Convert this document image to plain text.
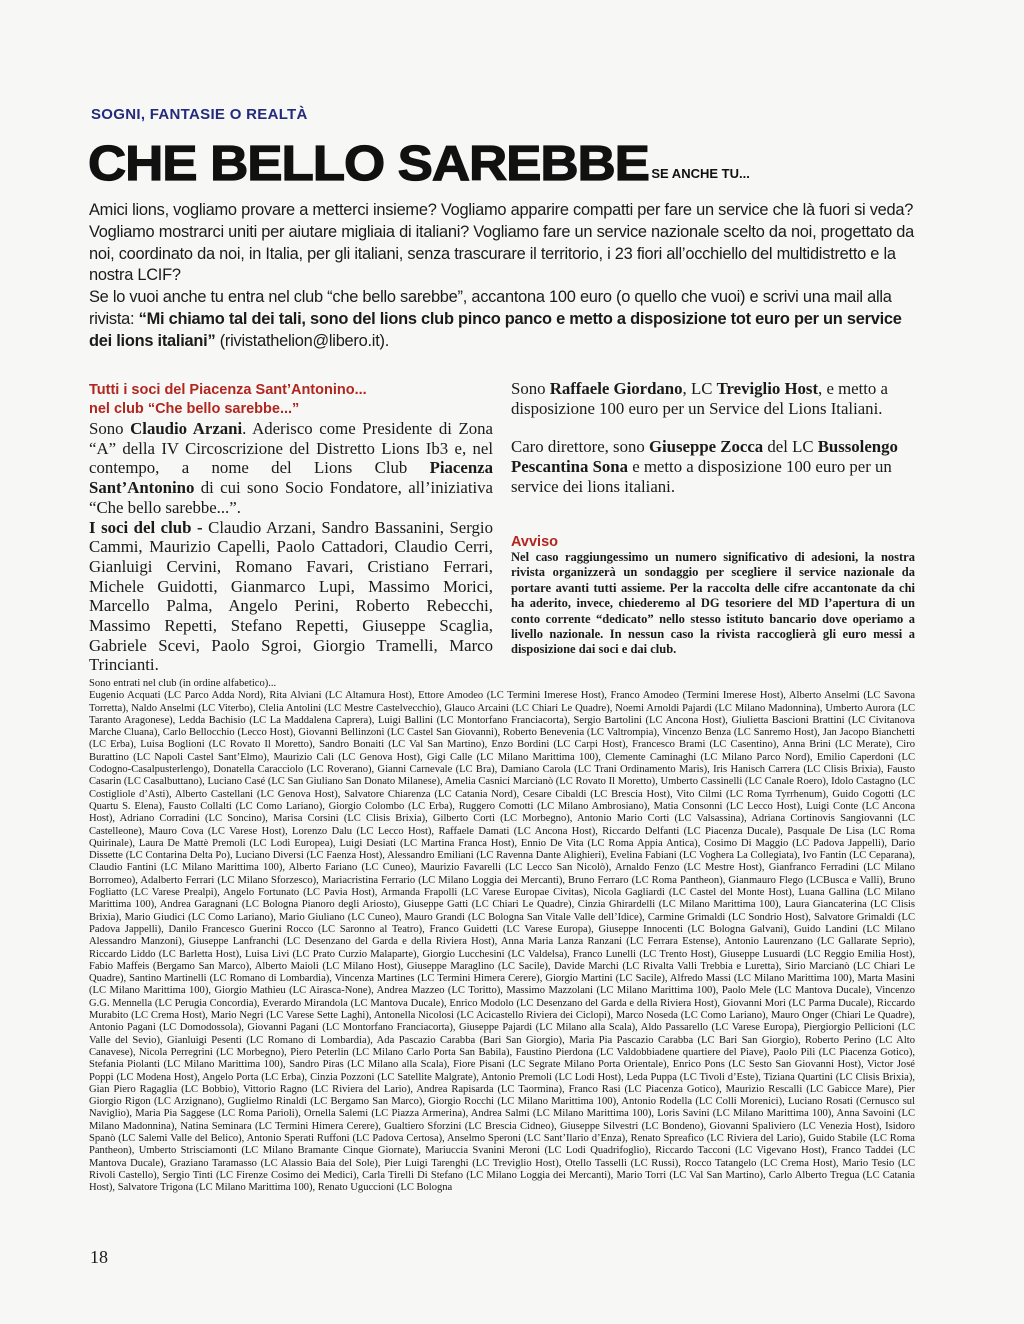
SOGNI, FANTASIE O REALTÀ
CHE BELLO SAREBBE SE ANCHE TU...

Amici lions, vogliamo provare a metterci insieme? Vogliamo apparire compatti per fare un service che là fuori si veda? Vogliamo mostrarci uniti per aiutare migliaia di italiani? Vogliamo fare un service nazionale scelto da noi, progettato da noi, coordinato da noi, in Italia, per gli italiani, senza trascurare il territorio, i 23 fiori all’occhiello del multidistretto e la nostra LCIF?

Se lo vuoi anche tu entra nel club “che bello sarebbe”, accantona 100 euro (o quello che vuoi) e scrivi una mail alla rivista: “Mi chiamo tal dei tali, sono del lions club pinco panco e metto a disposizione tot euro per un service dei lions italiani” (rivistathelion@libero.it).

Tutti i soci del Piacenza Sant’Antonino...
nel club “Che bello sarebbe...”
Sono Claudio Arzani. Aderisco come Presidente di Zona “A” della IV Circoscrizione del Distretto Lions Ib3 e, nel contempo, a nome del Lions Club Piacenza Sant’Antonino di cui sono Socio Fondatore, all’iniziativa “Che bello sarebbe...”.
I soci del club - Claudio Arzani, Sandro Bassanini, Sergio Cammi, Maurizio Capelli, Paolo Cattadori, Claudio Cerri, Gianluigi Cervini, Romano Favari, Cristiano Ferrari, Michele Guidotti, Gianmarco Lupi, Massimo Morici, Marcello Palma, Angelo Perini, Roberto Rebecchi, Massimo Repetti, Stefano Repetti, Giuseppe Scaglia, Gabriele Scevi, Paolo Sgroi, Giorgio Tramelli, Marco Trincianti.

Sono Raffaele Giordano, LC Treviglio Host, e metto a disposizione 100 euro per un Service del Lions Italiani.

Caro direttore, sono Giuseppe Zocca del LC Bussolengo Pescantina Sona e metto a disposizione 100 euro per un service dei lions italiani.

Avviso
Nel caso raggiungessimo un numero significativo di adesioni, la nostra rivista organizzerà un sondaggio per scegliere il service nazionale da portare avanti tutti assieme. Per la raccolta delle cifre accantonate da chi ha aderito, invece, chiederemo al DG tesoriere del MD l’apertura di un conto corrente “dedicato” nello stesso istituto bancario dove operiamo a livello nazionale. In nessun caso la rivista raccoglierà gli euro messi a disposizione dai soci e dai club.
Sono entrati nel club (in ordine alfabetico)...
Eugenio Acquati (LC Parco Adda Nord), Rita Alviani (LC Altamura Host), Ettore Amodeo (LC Termini Imerese Host), Franco Amodeo (Termini Imerese Host), Alberto Anselmi (LC Savona Torretta), Naldo Anselmi (LC Viterbo), Clelia Antolini (LC Mestre Castelvecchio), Glauco Arcaini (LC Chiari Le Quadre), Noemi Arnoldi Pajardi (LC Milano Madonnina), Umberto Aurora (LC Taranto Aragonese), Ledda Bachisio (LC La Maddalena Caprera), Luigi Ballini (LC Montorfano Franciacorta), Sergio Bartolini (LC Ancona Host), Giulietta Bascioni Brattini (LC Civitanova Marche Cluana), Carlo Bellocchio (Lecco Host), Giovanni Bellinzoni (LC Castel San Giovanni), Roberto Benevenia (LC Valtrompia), Vincenzo Benza (LC Sanremo Host), Jan Jacopo Bianchetti (LC Erba), Luisa Boglioni (LC Rovato Il Moretto), Sandro Bonaiti (LC Val San Martino), Enzo Bordini (LC Carpi Host), Francesco Brami (LC Casentino), Anna Brini (LC Merate), Ciro Burattino (LC Napoli Castel Sant’Elmo), Maurizio Calì (LC Genova Host), Gigi Calle (LC Milano Marittima 100), Clemente Caminaghi (LC Milano Parco Nord), Emilio Caperdoni (LC Codogno-Casalpusterlengo), Donatella Caracciolo (LC Roverano), Gianni Carnevale (LC Bra), Damiano Carola (LC Trani Ordinamento Maris), Iris Hanisch Carrera (LC Clisis Brixia), Fausto Casarin (LC Casalbuttano), Luciano Casé (LC San Giuliano San Donato Milanese), Amelia Casnici Marcianò (LC Rovato Il Moretto), Umberto Cassinelli (LC Canale Roero), Idolo Castagno (LC Costigliole d’Asti), Alberto Castellani (LC Genova Host), Salvatore Chiarenza (LC Catania Nord), Cesare Cibaldi (LC Brescia Host), Vito Cilmi (LC Roma Tyrrhenum), Guido Cogotti (LC Quartu S. Elena), Fausto Collalti (LC Como Lariano), Giorgio Colombo (LC Erba), Ruggero Comotti (LC Milano Ambrosiano), Matia Consonni (LC Lecco Host), Luigi Conte (LC Ancona Host), Adriano Corradini (LC Soncino), Marisa Corsini (LC Clisis Brixia), Gilberto Corti (LC Morbegno), Antonio Mario Corti (LC Valsassina), Adriana Cortinovis Sangiovanni (LC Castelleone), Mauro Cova (LC Varese Host), Lorenzo Dalu (LC Lecco Host), Raffaele Damati (LC Ancona Host), Riccardo Delfanti (LC Piacenza Ducale), Pasquale De Lisa (LC Roma Quirinale), Laura De Mattè Premoli (LC Lodi Europea), Luigi Desiati (LC Martina Franca Host), Ennio De Vita (LC Roma Appia Antica), Cosimo Di Maggio (LC Padova Jappelli), Dario Dissette (LC Contarina Delta Po), Luciano Diversi (LC Faenza Host), Alessandro Emiliani (LC Ravenna Dante Alighieri), Evelina Fabiani (LC Voghera La Collegiata), Ivo Fantin (LC Ceparana), Claudio Fantini (LC Milano Marittima 100), Alberto Fariano (LC Cuneo), Maurizio Favarelli (LC Lecco San Nicolò), Arnaldo Fenzo (LC Mestre Host), Gianfranco Ferradini (LC Milano Borromeo), Adalberto Ferrari (LC Milano Sforzesco), Mariacristina Ferrario (LC Milano Loggia dei Mercanti), Bruno Ferraro (LC Roma Pantheon), Gianmauro Flego (LCBusca e Valli), Bruno Fogliatto (LC Varese Prealpi), Angelo Fortunato (LC Pavia Host), Armanda Frapolli (LC Varese Europae Civitas), Nicola Gagliardi (LC Castel del Monte Host), Luana Gallina (LC Milano Marittima 100), Andrea Garagnani (LC Bologna Pianoro degli Ariosto), Giuseppe Gatti (LC Chiari Le Quadre), Cinzia Ghirardelli (LC Milano Marittima 100), Laura Giancaterina (LC Clisis Brixia), Mario Giudici (LC Como Lariano), Mario Giuliano (LC Cuneo), Mauro Grandi (LC Bologna San Vitale Valle dell’Idice), Carmine Grimaldi (LC Sondrio Host), Salvatore Grimaldi (LC Padova Jappelli), Danilo Francesco Guerini Rocco (LC Saronno al Teatro), Franco Guidetti (LC Varese Europa), Giuseppe Innocenti (LC Bologna Galvani), Guido Landini (LC Milano Alessandro Manzoni), Giuseppe Lanfranchi (LC Desenzano del Garda e della Riviera Host), Anna Maria Lanza Ranzani (LC Ferrara Estense), Antonio Laurenzano (LC Gallarate Seprio), Riccardo Liddo (LC Barletta Host), Luisa Livi (LC Prato Curzio Malaparte), Giorgio Lucchesini (LC Valdelsa), Franco Lunelli (LC Trento Host), Giuseppe Lusuardi (LC Reggio Emilia Host), Fabio Maffeis (Bergamo San Marco), Alberto Maioli (LC Milano Host), Giuseppe Maraglino (LC Sacile), Davide Marchi (LC Rivalta Valli Trebbia e Luretta), Sirio Marcianò (LC Chiari Le Quadre), Santino Martinelli (LC Romano di Lombardia), Vincenza Martines (LC Termini Himera Cerere), Giorgio Martini (LC Sacile), Alfredo Massi (LC Milano Marittima 100), Marta Masini (LC Milano Marittima 100), Giorgio Mathieu (LC Airasca-None), Andrea Mazzeo (LC Toritto), Massimo Mazzolani (LC Milano Marittima 100), Paolo Mele (LC Mantova Ducale), Vincenzo G.G. Mennella (LC Perugia Concordia), Everardo Mirandola (LC Mantova Ducale), Enrico Modolo (LC Desenzano del Garda e della Riviera Host), Giovanni Mori (LC Parma Ducale), Riccardo Murabito (LC Crema Host), Mario Negri (LC Varese Sette Laghi), Antonella Nicolosi (LC Acicastello Riviera dei Ciclopi), Marco Noseda (LC Como Lariano), Mauro Onger (Chiari Le Quadre), Antonio Pagani (LC Domodossola), Giovanni Pagani (LC Montorfano Franciacorta), Giuseppe Pajardi (LC Milano alla Scala), Aldo Passarello (LC Varese Europa), Piergiorgio Pellicioni (LC Valle del Sevio), Gianluigi Pesenti (LC Romano di Lombardia), Ada Pascazio Carabba (Bari San Giorgio), Maria Pia Pascazio Carabba (LC Bari San Giorgio), Roberto Perino (LC Alto Canavese), Nicola Perregrini (LC Morbegno), Piero Peterlin (LC Milano Carlo Porta San Babila), Faustino Pierdona (LC Valdobbiadene quartiere del Piave), Paolo Pili (LC Piacenza Gotico), Stefania Piolanti (LC Milano Marittima 100), Sandro Piras (LC Milano alla Scala), Fiore Pisani (LC Segrate Milano Porta Orientale), Enrico Pons (LC Sesto San Giovanni Host), Victor José Poppi (LC Modena Host), Angelo Porta (LC Erba), Cinzia Pozzoni (LC Satellite Malgrate), Antonio Premoli (LC Lodi Host), Leda Puppa (LC Tivoli d’Este), Tiziana Quartini (LC Clisis Brixia), Gian Piero Ragaglia (LC Bobbio), Vittorio Ragno (LC Riviera del Lario), Andrea Rapisarda (LC Taormina), Franco Rasi (LC Piacenza Gotico), Maurizio Rescalli (LC Gabicce Mare), Pier Giorgio Rigon (LC Arzignano), Guglielmo Rinaldi (LC Bergamo San Marco), Giorgio Rocchi (LC Milano Marittima 100), Antonio Rodella (LC Colli Morenici), Luciano Rosati (Cernusco sul Naviglio), Maria Pia Saggese (LC Roma Parioli), Ornella Salemi (LC Piazza Armerina), Andrea Salmi (LC Milano Marittima 100), Loris Savini (LC Milano Marittima 100), Anna Savoini (LC Milano Madonnina), Natina Seminara (LC Termini Himera Cerere), Gualtiero Sforzini (LC Brescia Cidneo), Giuseppe Silvestri (LC Bondeno), Giovanni Spaliviero (LC Venezia Host), Isidoro Spanò (LC Salemi Valle del Belico), Antonio Sperati Ruffoni (LC Padova Certosa), Anselmo Speroni (LC Sant’Ilario d’Enza), Renato Spreafico (LC Riviera del Lario), Guido Stabile (LC Roma Pantheon), Umberto Strisciamonti (LC Milano Bramante Cinque Giornate), Mariuccia Svanini Meroni (LC Lodi Quadrifoglio), Riccardo Tacconi (LC Vigevano Host), Franco Taddei (LC Mantova Ducale), Graziano Taramasso (LC Alassio Baia del Sole), Pier Luigi Tarenghi (LC Treviglio Host), Otello Tasselli (LC Russi), Rocco Tatangelo (LC Crema Host), Mario Tesio (LC Rivoli Castello), Sergio Tinti (LC Firenze Cosimo dei Medici), Carla Tirelli Di Stefano (LC Milano Loggia dei Mercanti), Mario Torri (LC Val San Martino), Carlo Alberto Tregua (LC Catania Host), Salvatore Trigona (LC Milano Marittima 100), Renato Uguccioni (LC Bologna
18
